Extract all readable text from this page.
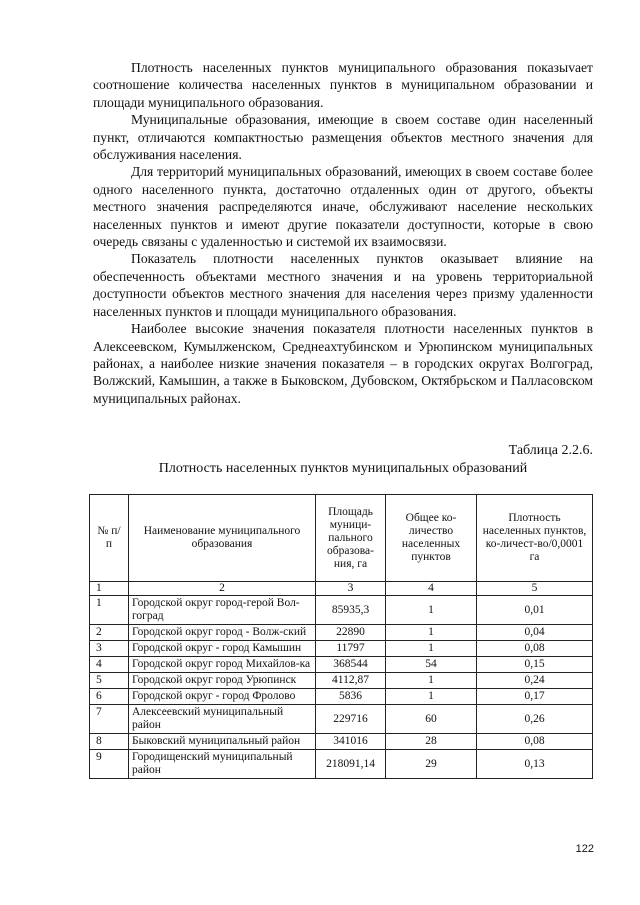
Плотность населенных пунктов муниципального образования показыvает соотношение количества населенных пунктов в муниципальном образовании и площади муниципального образования.

Муниципальные образования, имеющие в своем составе один населенный пункт, отличаются компактностью размещения объектов местного значения для обслуживания населения.

Для территорий муниципальных образований, имеющих в своем составе более одного населенного пункта, достаточно отдаленных один от другого, объекты местного значения распределяются иначе, обслуживают население нескольких населенных пунктов и имеют другие показатели доступности, которые в свою очередь связаны с удаленностью и системой их взаимосвязи.

Показатель плотности населенных пунктов оказывает влияние на обеспеченность объектами местного значения и на уровень территориальной доступности объектов местного значения для населения через призму удаленности населенных пунктов и площади муниципального образования.

Наиболее высокие значения показателя плотности населенных пунктов в Алексеевском, Кумылженском, Среднеахтубинском и Урюпинском муниципальных районах, а наиболее низкие значения показателя – в городских округах Волгоград, Волжский, Камышин, а также в Быковском, Дубовском, Октябрьском и Палласовском муниципальных районах.

Таблица 2.2.6.
Плотность населенных пунктов муниципальных образований
№ п/ п	Наименование муниципального образования	Площадь муници-пального образова-ния, га	Общее ко-личество населенных пунктов	Плотность населенных пунктов, ко-личест-во/0,0001 га
1	2	3	4	5
1	Городской округ город-герой Вол-гоград	85935,3	1	0,01
2	Городской округ город - Волж-ский	22890	1	0,04
3	Городской округ - город Камышин	11797	1	0,08
4	Городской округ город Михайлов-ка	368544	54	0,15
5	Городской округ город Урюпинск	4112,87	1	0,24
6	Городской округ - город Фролово	5836	1	0,17
7	Алексеевский муниципальный район	229716	60	0,26
8	Быковский муниципальный район	341016	28	0,08
9	Городищенский муниципальный район	218091,14	29	0,13
122
